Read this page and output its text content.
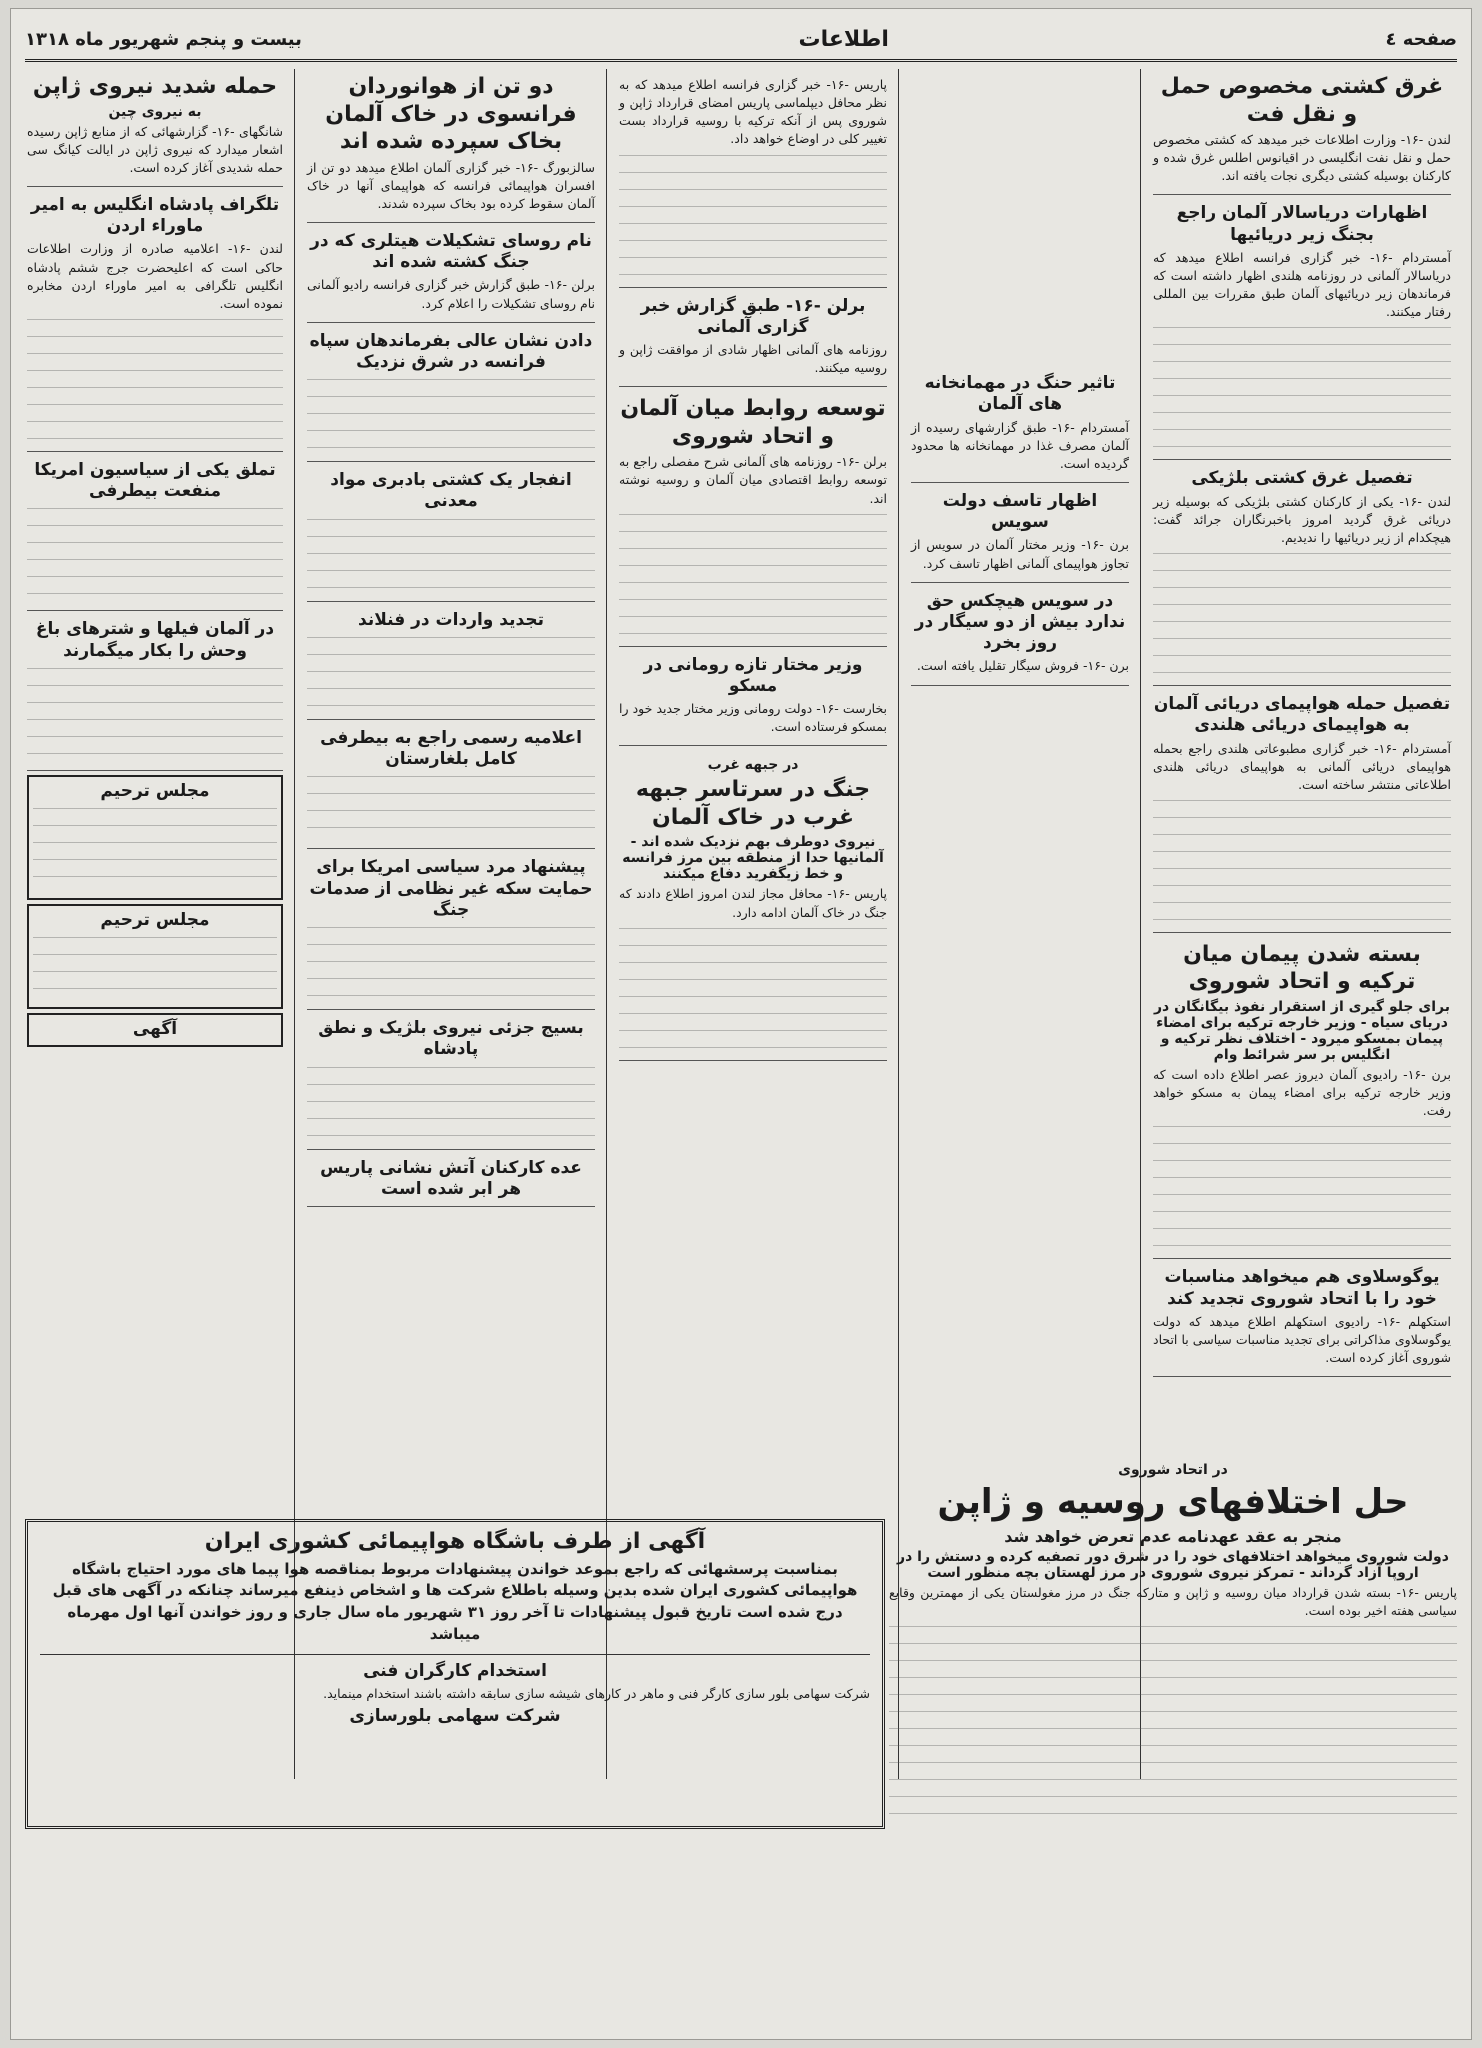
صفحه ٤
اطلاعات
بیست و پنجم شهریور ماه ۱۳۱۸
غرق کشتی مخصوص حمل و نقل فت
لندن -۱۶- وزارت اطلاعات خبر میدهد که کشتی مخصوص حمل و نقل نفت انگلیسی در اقیانوس اطلس غرق شده و کارکنان بوسیله کشتی دیگری نجات یافته اند.
اظهارات دریاسالار آلمان راجع بجنگ زیر دریائیها
آمستردام -۱۶- خبر گزاری فرانسه اطلاع میدهد که دریاسالار آلمانی در روزنامه هلندی اظهار داشته است که فرماندهان زیر دریائیهای آلمان طبق مقررات بین المللی رفتار میکنند.
تفصیل غرق کشتی بلژیکی
لندن -۱۶- یکی از کارکنان کشتی بلژیکی که بوسیله زیر دریائی غرق گردید امروز باخبرنگاران جرائد گفت: هیچکدام از زیر دریائیها را ندیدیم.
تفصیل حمله هواپیمای دریائی آلمان به هواپیمای دریائی هلندی
آمستردام -۱۶- خبر گزاری مطبوعاتی هلندی راجع بحمله هواپیمای دریائی آلمانی به هواپیمای دریائی هلندی اطلاعاتی منتشر ساخته است.
بسته شدن پیمان میان ترکیه و اتحاد شوروی
برای جلو گیری از استقرار نفوذ بیگانگان در دریای سیاه - وزیر خارجه ترکیه برای امضاء پیمان بمسکو میرود - اختلاف نظر ترکیه و انگلیس بر سر شرائط وام
برن -۱۶- رادیوی آلمان دیروز عصر اطلاع داده است که وزیر خارجه ترکیه برای امضاء پیمان به مسکو خواهد رفت.
یوگوسلاوی هم میخواهد مناسبات خود را با اتحاد شوروی تجدید کند
استکهلم -۱۶- رادیوی استکهلم اطلاع میدهد که دولت یوگوسلاوی مذاکراتی برای تجدید مناسبات سیاسی با اتحاد شوروی آغاز کرده است.
تاثیر حنگ در مهمانخانه های آلمان
آمستردام -۱۶- طبق گزارشهای رسیده از آلمان مصرف غذا در مهمانخانه ها محدود گردیده است.
اظهار تاسف دولت سویس
برن -۱۶- وزیر مختار آلمان در سویس از تجاوز هواپیمای آلمانی اظهار تاسف کرد.
در سویس هیچکس حق ندارد بیش از دو سیگار در روز بخرد
برن -۱۶- فروش سیگار تقلیل یافته است.
پاریس -۱۶- خبر گزاری فرانسه اطلاع میدهد که به نظر محافل دیپلماسی پاریس امضای قرارداد ژاپن و شوروی پس از آنکه ترکیه با روسیه قرارداد بست تغییر کلی در اوضاع خواهد داد.
برلن -۱۶- طبق گزارش خبر گزاری آلمانی
روزنامه های آلمانی اظهار شادی از موافقت ژاپن و روسیه میکنند.
توسعه روابط میان آلمان و اتحاد شوروی
برلن -۱۶- روزنامه های آلمانی شرح مفصلی راجع به توسعه روابط اقتصادی میان آلمان و روسیه نوشته اند.
وزیر مختار تازه رومانی در مسکو
بخارست -۱۶- دولت رومانی وزیر مختار جدید خود را بمسکو فرستاده است.
در جبهه غرب
جنگ در سرتاسر جبهه غرب در خاک آلمان
نیروی دوطرف بهم نزدیک شده اند - آلمانیها حدا از منطقه بین مرز فرانسه و خط زیگفرید دفاع میکنند
پاریس -۱۶- محافل مجاز لندن امروز اطلاع دادند که جنگ در خاک آلمان ادامه دارد.
دو تن از هوانوردان فرانسوی در خاک آلمان بخاک سپرده شده اند
سالزبورگ -۱۶- خبر گزاری آلمان اطلاع میدهد دو تن از افسران هواپیمائی فرانسه که هواپیمای آنها در خاک آلمان سقوط کرده بود بخاک سپرده شدند.
نام روسای تشکیلات هیتلری که در جنگ کشته شده اند
برلن -۱۶- طبق گزارش خبر گزاری فرانسه رادیو آلمانی نام روسای تشکیلات را اعلام کرد.
دادن نشان عالی بفرماندهان سپاه فرانسه در شرق نزدیک
انفجار یک کشتی بادبری مواد معدنی
تجدید واردات در فنلاند
اعلامیه رسمی راجع به بیطرفی کامل بلغارستان
پیشنهاد مرد سیاسی امریکا برای حمایت سکه غیر نظامی از صدمات جنگ
بسیج جزئی نیروی بلژیک و نطق پادشاه
عده کارکنان آتش نشانی پاریس هر ابر شده است
حمله شدید نیروی ژاپن
به نیروی چین
شانگهای -۱۶- گزارشهائی که از منابع ژاپن رسیده اشعار میدارد که نیروی ژاپن در ایالت کیانگ سی حمله شدیدی آغاز کرده است.
تلگراف پادشاه انگلیس به امیر ماوراء اردن
لندن -۱۶- اعلامیه صادره از وزارت اطلاعات حاکی است که اعلیحضرت جرج ششم پادشاه انگلیس تلگرافی به امیر ماوراء اردن مخابره نموده است.
تملق یکی از سیاسیون امریکا منفعت بیطرفی
در آلمان فیلها و شترهای باغ وحش را بکار میگمارند
مجلس ترحیم
مجلس ترحیم
آگهی
آگهی از طرف باشگاه هواپیمائی کشوری ایران
بمناسبت پرسشهائی که راجع بموعد خواندن پیشنهادات مربوط بمناقصه هوا پیما های مورد احتیاج باشگاه هواپیمائی کشوری ایران شده بدین وسیله باطلاع شرکت ها و اشخاص ذینفع میرساند چنانکه در آگهی های قبل درج شده است تاریخ قبول پیشنهادات تا آخر روز ۳۱ شهریور ماه سال جاری و روز خواندن آنها اول مهرماه میباشد
استخدام کارگران فنی
شرکت سهامی بلور سازی کارگر فنی و ماهر در کارهای شیشه سازی سابقه داشته باشند استخدام مینماید.
شرکت سهامی بلورسازی
در اتحاد شوروی
حل اختلافهای روسیه و ژاپن
منجر به عقد عهدنامه عدم تعرض خواهد شد
دولت شوروی میخواهد اختلافهای خود را در شرق دور تصفیه کرده و دستش را در اروپا آزاد گرداند - تمرکز نیروی شوروی در مرز لهستان بچه منظور است
پاریس -۱۶- بسته شدن قرارداد میان روسیه و ژاپن و متارکه جنگ در مرز مغولستان یکی از مهمترین وقایع سیاسی هفته اخیر بوده است.
